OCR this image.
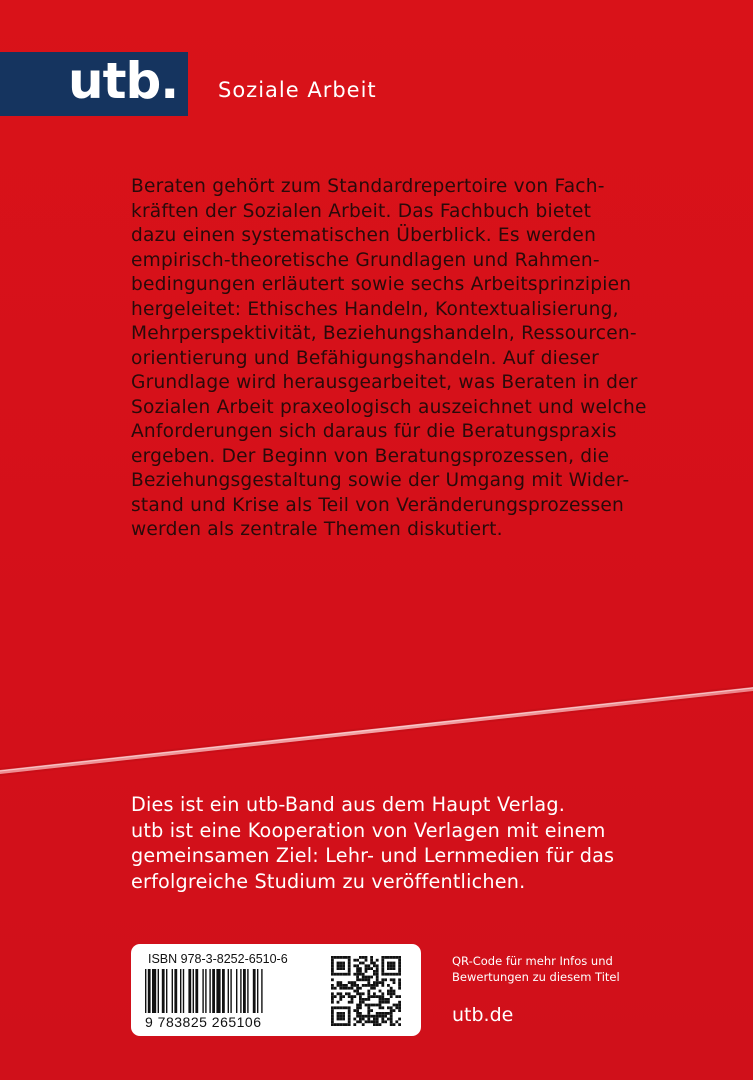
utb. Soziale Arbeit
Beraten gehört zum Standardrepertoire von Fach-
kräften der Sozialen Arbeit. Das Fachbuch bietet
dazu einen systematischen Überblick. Es werden
empirisch-theoretische Grundlagen und Rahmen-
bedingungen erläutert sowie sechs Arbeitsprinzipien
hergeleitet: Ethisches Handeln, Kontextualisierung,
Mehrperspektivität, Beziehungshandeln, Ressourcen-
orientierung und Befähigungshandeln. Auf dieser
Grundlage wird herausgearbeitet, was Beraten in der
Sozialen Arbeit praxeologisch auszeichnet und welche
Anforderungen sich daraus für die Beratungspraxis
ergeben. Der Beginn von Beratungsprozessen, die
Beziehungsgestaltung sowie der Umgang mit Wider-
stand und Krise als Teil von Veränderungsprozessen
werden als zentrale Themen diskutiert.
Dies ist ein utb-Band aus dem Haupt Verlag.
utb ist eine Kooperation von Verlagen mit einem
gemeinsamen Ziel: Lehr- und Lernmedien für das
erfolgreiche Studium zu veröffentlichen.
ISBN 978-3-8252-6510-6
9 783825 265106
QR-Code für mehr Infos und
Bewertungen zu diesem Titel
utb.de
